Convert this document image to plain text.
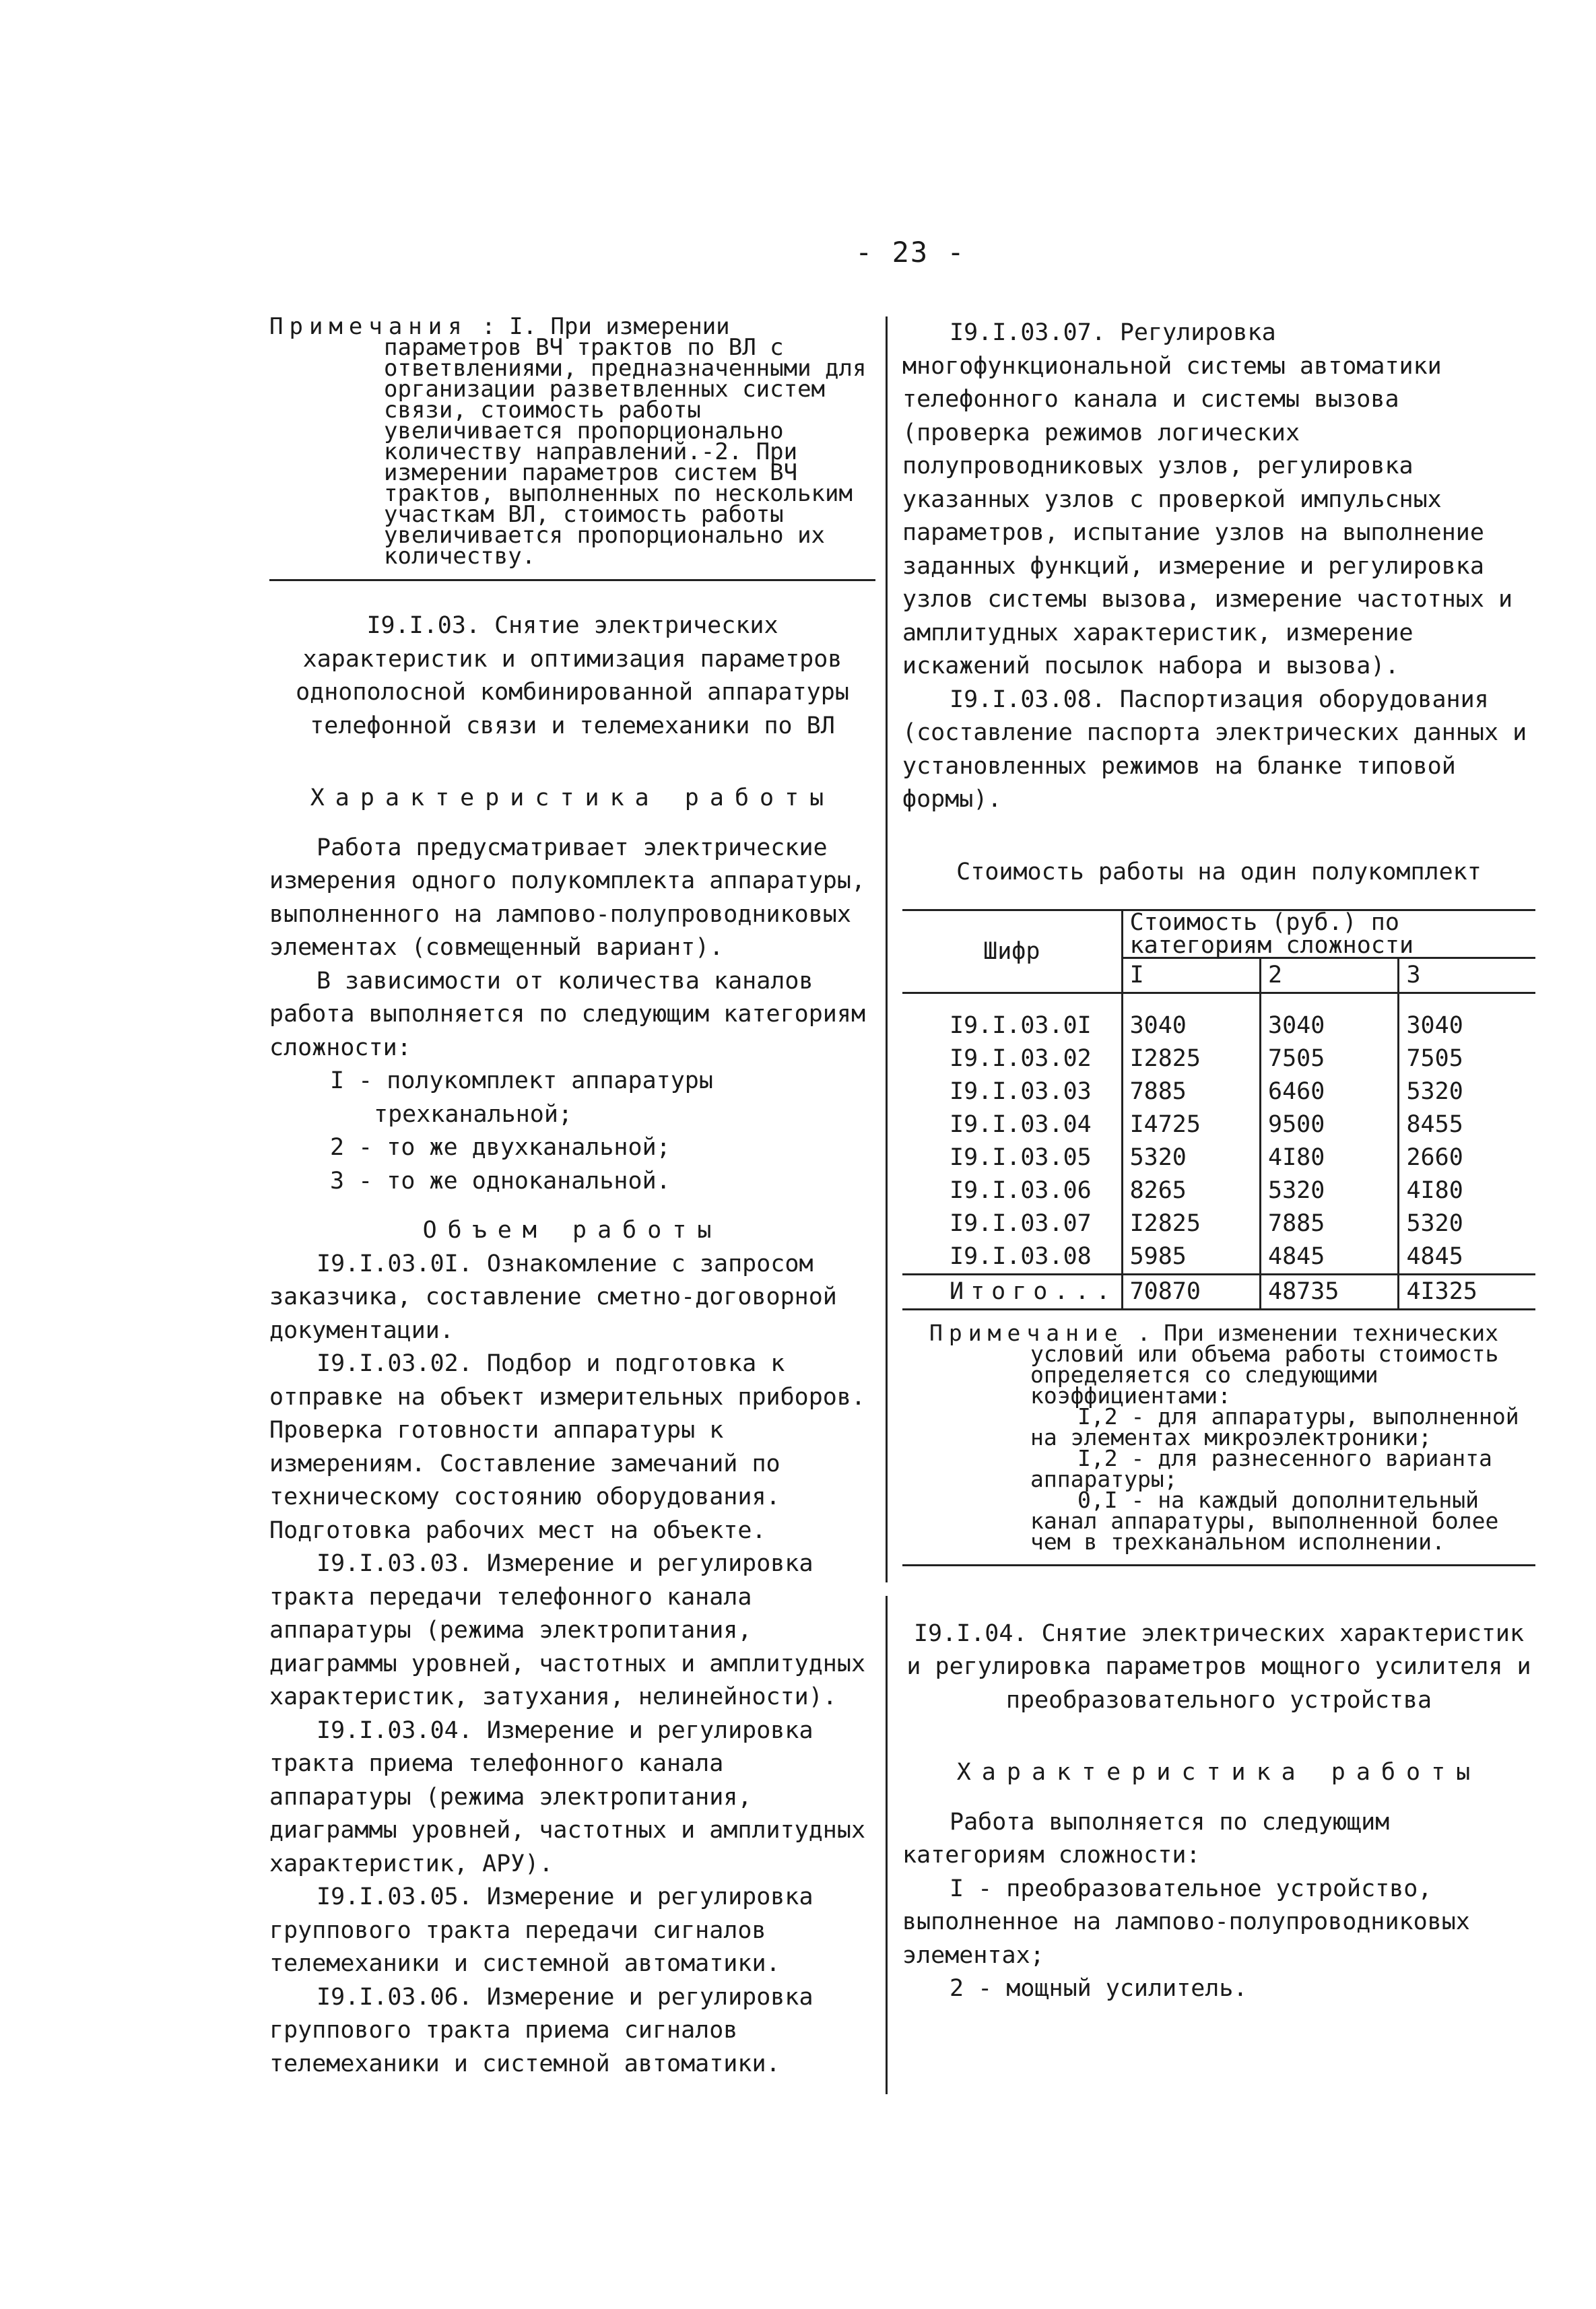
- 23 -
Примечания : I. При измерении параметров ВЧ трактов по ВЛ с ответвлениями, предназначенными для организации разветвленных систем связи, стоимость работы увеличивается пропорционально количеству направлений.-2. При измерении параметров систем ВЧ трактов, выполненных по нескольким участкам ВЛ, стоимость работы увеличивается пропорционально их количеству.

I9.I.03. Снятие электрических характеристик и оптимизация параметров однополосной комбинированной аппаратуры телефонной связи и телемеханики по ВЛ

Характеристика работы

Работа предусматривает электрические измерения одного полукомплекта аппаратуры, выполненного на лампово-полупроводниковых элементах (совмещенный вариант).

В зависимости от количества каналов работа выполняется по следующим категориям сложности:

I - полукомплект аппаратуры трехканальной;

2 - то же двухканальной;

3 - то же одноканальной.

Объем работы

I9.I.03.0I. Ознакомление с запросом заказчика, составление сметно-договорной документации.

I9.I.03.02. Подбор и подготовка к отправке на объект измерительных приборов. Проверка готовности аппаратуры к измерениям. Составление замечаний по техническому состоянию оборудования. Подготовка рабочих мест на объекте.

I9.I.03.03. Измерение и регулировка тракта передачи телефонного канала аппаратуры (режима электропитания, диаграммы уровней, частотных и амплитудных характеристик, затухания, нелинейности).

I9.I.03.04. Измерение и регулировка тракта приема телефонного канала аппаратуры (режима электропитания, диаграммы уровней, частотных и амплитудных характеристик, АРУ).

I9.I.03.05. Измерение и регулировка группового тракта передачи сигналов телемеханики и системной автоматики.

I9.I.03.06. Измерение и регулировка группового тракта приема сигналов телемеханики и системной автоматики.

I9.I.03.07. Регулировка многофункциональной системы автоматики телефонного канала и системы вызова (проверка режимов логических полупроводниковых узлов, регулировка указанных узлов с проверкой импульсных параметров, испытание узлов на выполнение заданных функций, измерение и регулировка узлов системы вызова, измерение частотных и амплитудных характеристик, измерение искажений посылок набора и вызова).

I9.I.03.08. Паспортизация оборудования (составление паспорта электрических данных и установленных режимов на бланке типовой формы).

Стоимость работы на один полукомплект

Шифр	Стоимость (руб.) по категориям сложности		
	I	2	3

I9.I.03.0I	3040	3040	3040
I9.I.03.02	I2825	7505	7505
I9.I.03.03	7885	6460	5320
I9.I.03.04	I4725	9500	8455
I9.I.03.05	5320	4I80	2660
I9.I.03.06	8265	5320	4I80
I9.I.03.07	I2825	7885	5320
I9.I.03.08	5985	4845	4845
Итого...	70870	48735	4I325
Примечание . При изменении технических условий или объема работы стоимость определяется со следующими коэффициентами:
I,2 - для аппаратуры, выполненной на элементах микроэлектроники;
I,2 - для разнесенного варианта аппаратуры;
0,I - на каждый дополнительный канал аппаратуры, выполненной более чем в трехканальном исполнении.

I9.I.04. Снятие электрических характеристик и регулировка параметров мощного усилителя и преобразовательного устройства

Характеристика работы

Работа выполняется по следующим категориям сложности:

I - преобразовательное устройство, выполненное на лампово-полупроводниковых элементах;

2 - мощный усилитель.
